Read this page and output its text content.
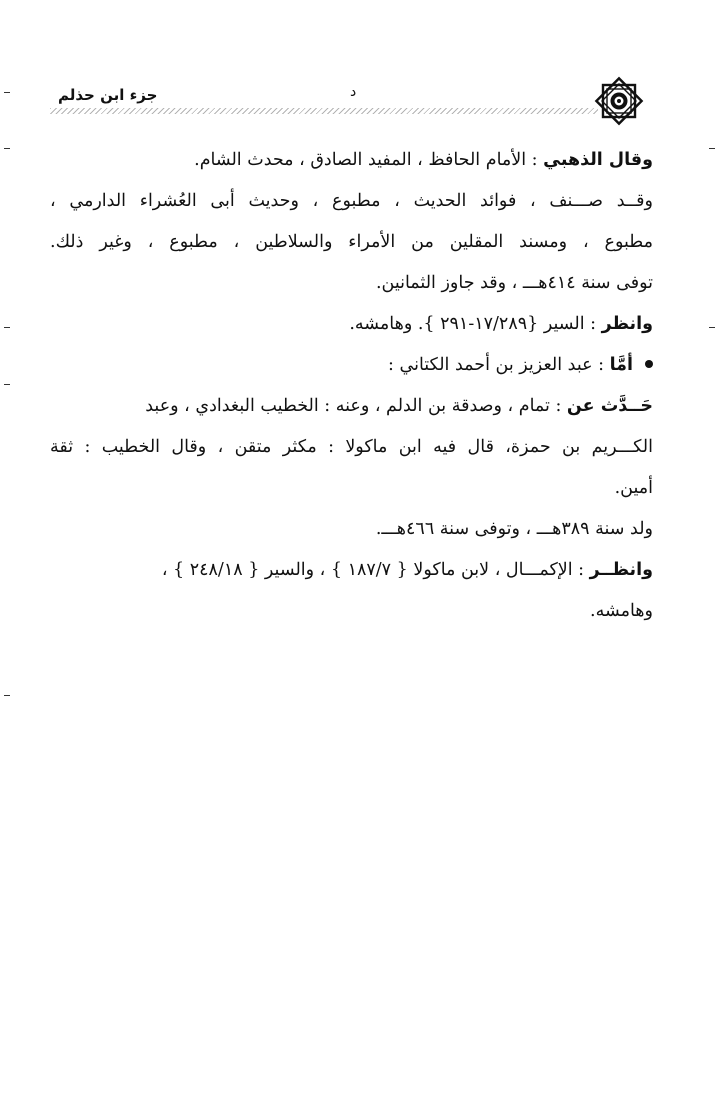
جزء ابن حذلم	د

وقال الذهبي : الأمام الحافظ ، المفيد الصادق ، محدث الشام.

وقــد صـــنف ، فوائد الحديث ، مطبوع ، وحديث أبى العُشراء الدارمي ،

مطبوع ، ومسند المقلين من الأمراء والسلاطين ، مطبوع ، وغير ذلك.

توفى سنة ٤١٤هـــ ، وقد جاوز الثمانين.

وانظر : السير {١٧/٢٨٩-٢٩١ }. وهامشه.

أمَّا : عبد العزيز بن أحمد الكتاني :

حَــدَّث عن : تمام ، وصدقة بن الدلم ، وعنه : الخطيب البغدادي ، وعبد

الكـــريم بن حمزة، قال فيه ابن ماكولا : مكثر متقن ، وقال الخطيب : ثقة

أمين.

ولد سنة ٣٨٩هـــ ، وتوفى سنة ٤٦٦هـــ.

وانظــر : الإكمـــال ، لابن ماكولا { ١٨٧/٧ } ، والسير { ٢٤٨/١٨ } ،

وهامشه.
